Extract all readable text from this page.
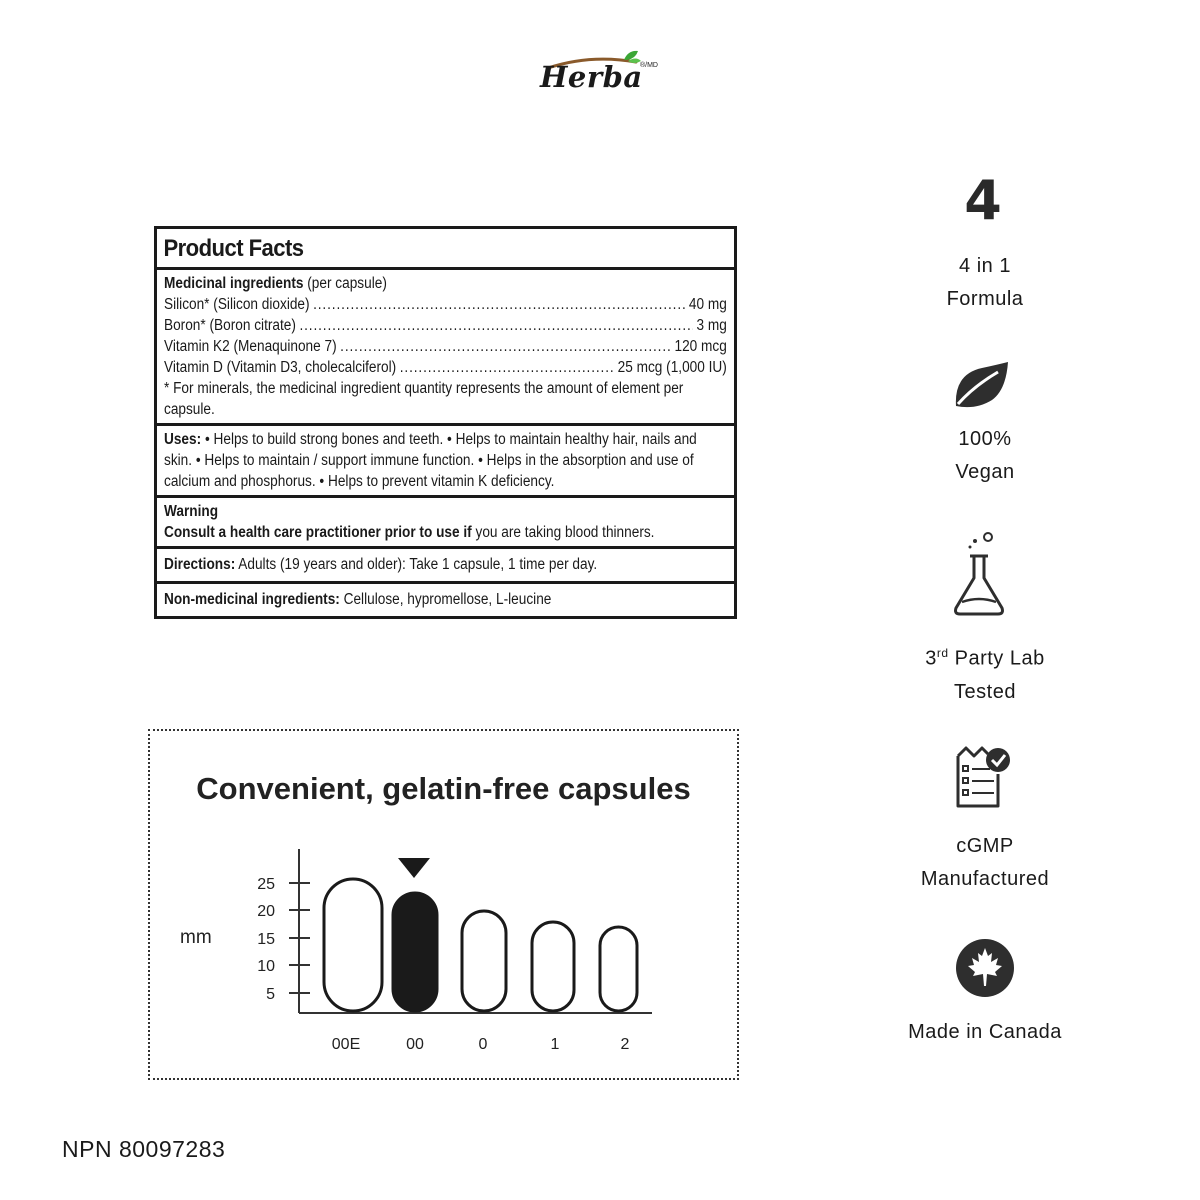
Herba
®/MD
Product Facts
Medicinal ingredients (per capsule)
Silicon* (Silicon dioxide) .....	40 mg
Boron* (Boron citrate) .....	3 mg
Vitamin K2 (Menaquinone 7) .....	120 mcg
Vitamin D (Vitamin D3, cholecalciferol) .....	25 mcg (1,000 IU)
* For minerals, the medicinal ingredient quantity represents the amount of element per capsule.
Uses: • Helps to build strong bones and teeth. • Helps to maintain healthy hair, nails and skin. • Helps to maintain / support immune function. • Helps in the absorption and use of calcium and phosphorus. • Helps to prevent vitamin K deficiency.
Warning
Consult a health care practitioner prior to use if you are taking blood thinners.
Directions: Adults (19 years and older): Take 1 capsule, 1 time per day.
Non-medicinal ingredients: Cellulose, hypromellose, L-leucine
Convenient, gelatin-free capsules
mm
25
20
15
10
5
00E	00	0	1	2
4
4 in 1
Formula
100%
Vegan
3rd Party Lab
Tested
cGMP
Manufactured
Made in Canada
NPN 80097283
